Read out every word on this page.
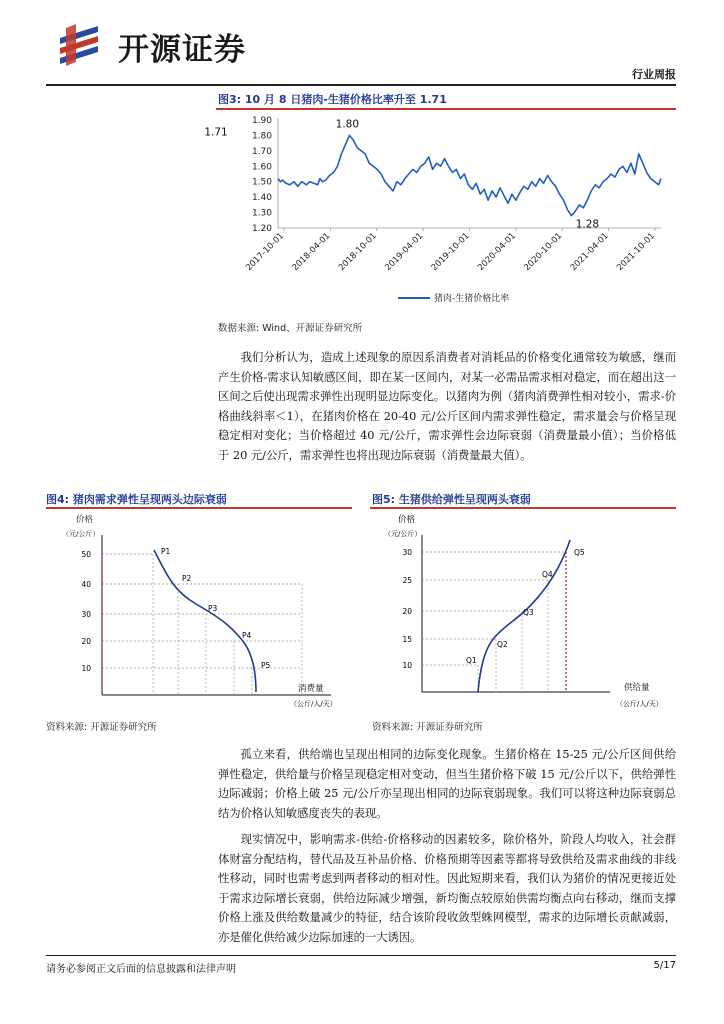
开源证券
行业周报
图3: 10 月 8 日猪肉-生猪价格比率升至 1.71
1.90
1.80
1.70
1.60
1.50
1.40
1.30
1.20
2017-10-01 2018-04-01 2018-10-01 2019-04-01 2019-10-01 2020-04-01 2020-10-01 2021-04-01 2021-10-01
1.80
1.28
1.71
猪肉-生猪价格比率
数据来源: Wind、开源证券研究所

我们分析认为，造成上述现象的原因系消费者对消耗品的价格变化通常较为敏感，继而产生价格-需求认知敏感区间，即在某一区间内，对某一必需品需求相对稳定，而在超出这一区间之后使出现需求弹性出现明显边际变化。以猪肉为例（猪肉消费弹性相对较小，需求-价格曲线斜率＜1），在猪肉价格在 20-40 元/公斤区间内需求弹性稳定，需求量会与价格呈现稳定相对变化；当价格超过 40 元/公斤，需求弹性会边际衰弱（消费量最小值）；当价格低于 20 元/公斤，需求弹性也将出现边际衰弱（消费量最大值）。

图4: 猪肉需求弹性呈现两头边际衰弱
价格
（元/公斤）
50
40
30
20
10
P1
P2
P3
P4
P5
消费量
（公斤/人/天）
资料来源: 开源证券研究所
图5: 生猪供给弹性呈现两头衰弱
价格
（元/公斤）
30
25
20
15
10
Q1
Q2
Q3
Q4
Q5
供给量
（公斤/人/天）
资料来源: 开源证券研究所

孤立来看，供给端也呈现出相同的边际变化现象。生猪价格在 15-25 元/公斤区间供给弹性稳定，供给量与价格呈现稳定相对变动，但当生猪价格下破 15 元/公斤以下，供给弹性边际减弱；价格上破 25 元/公斤亦呈现出相同的边际衰弱现象。我们可以将这种边际衰弱总结为价格认知敏感度丧失的表现。

现实情况中，影响需求-供给-价格移动的因素较多，除价格外，阶段人均收入，社会群体财富分配结构，替代品及互补品价格、价格预期等因素等都将导致供给及需求曲线的非线性移动，同时也需考虑到两者移动的相对性。因此短期来看，我们认为猪价的情况更接近处于需求边际增长衰弱，供给边际减少增强，新均衡点较原始供需均衡点向右移动，继而支撑价格上涨及供给数量减少的特征，结合该阶段收敛型蛛网模型，需求的边际增长贡献减弱，亦是催化供给减少边际加速的一大诱因。

请务必参阅正文后面的信息披露和法律声明	5/17
